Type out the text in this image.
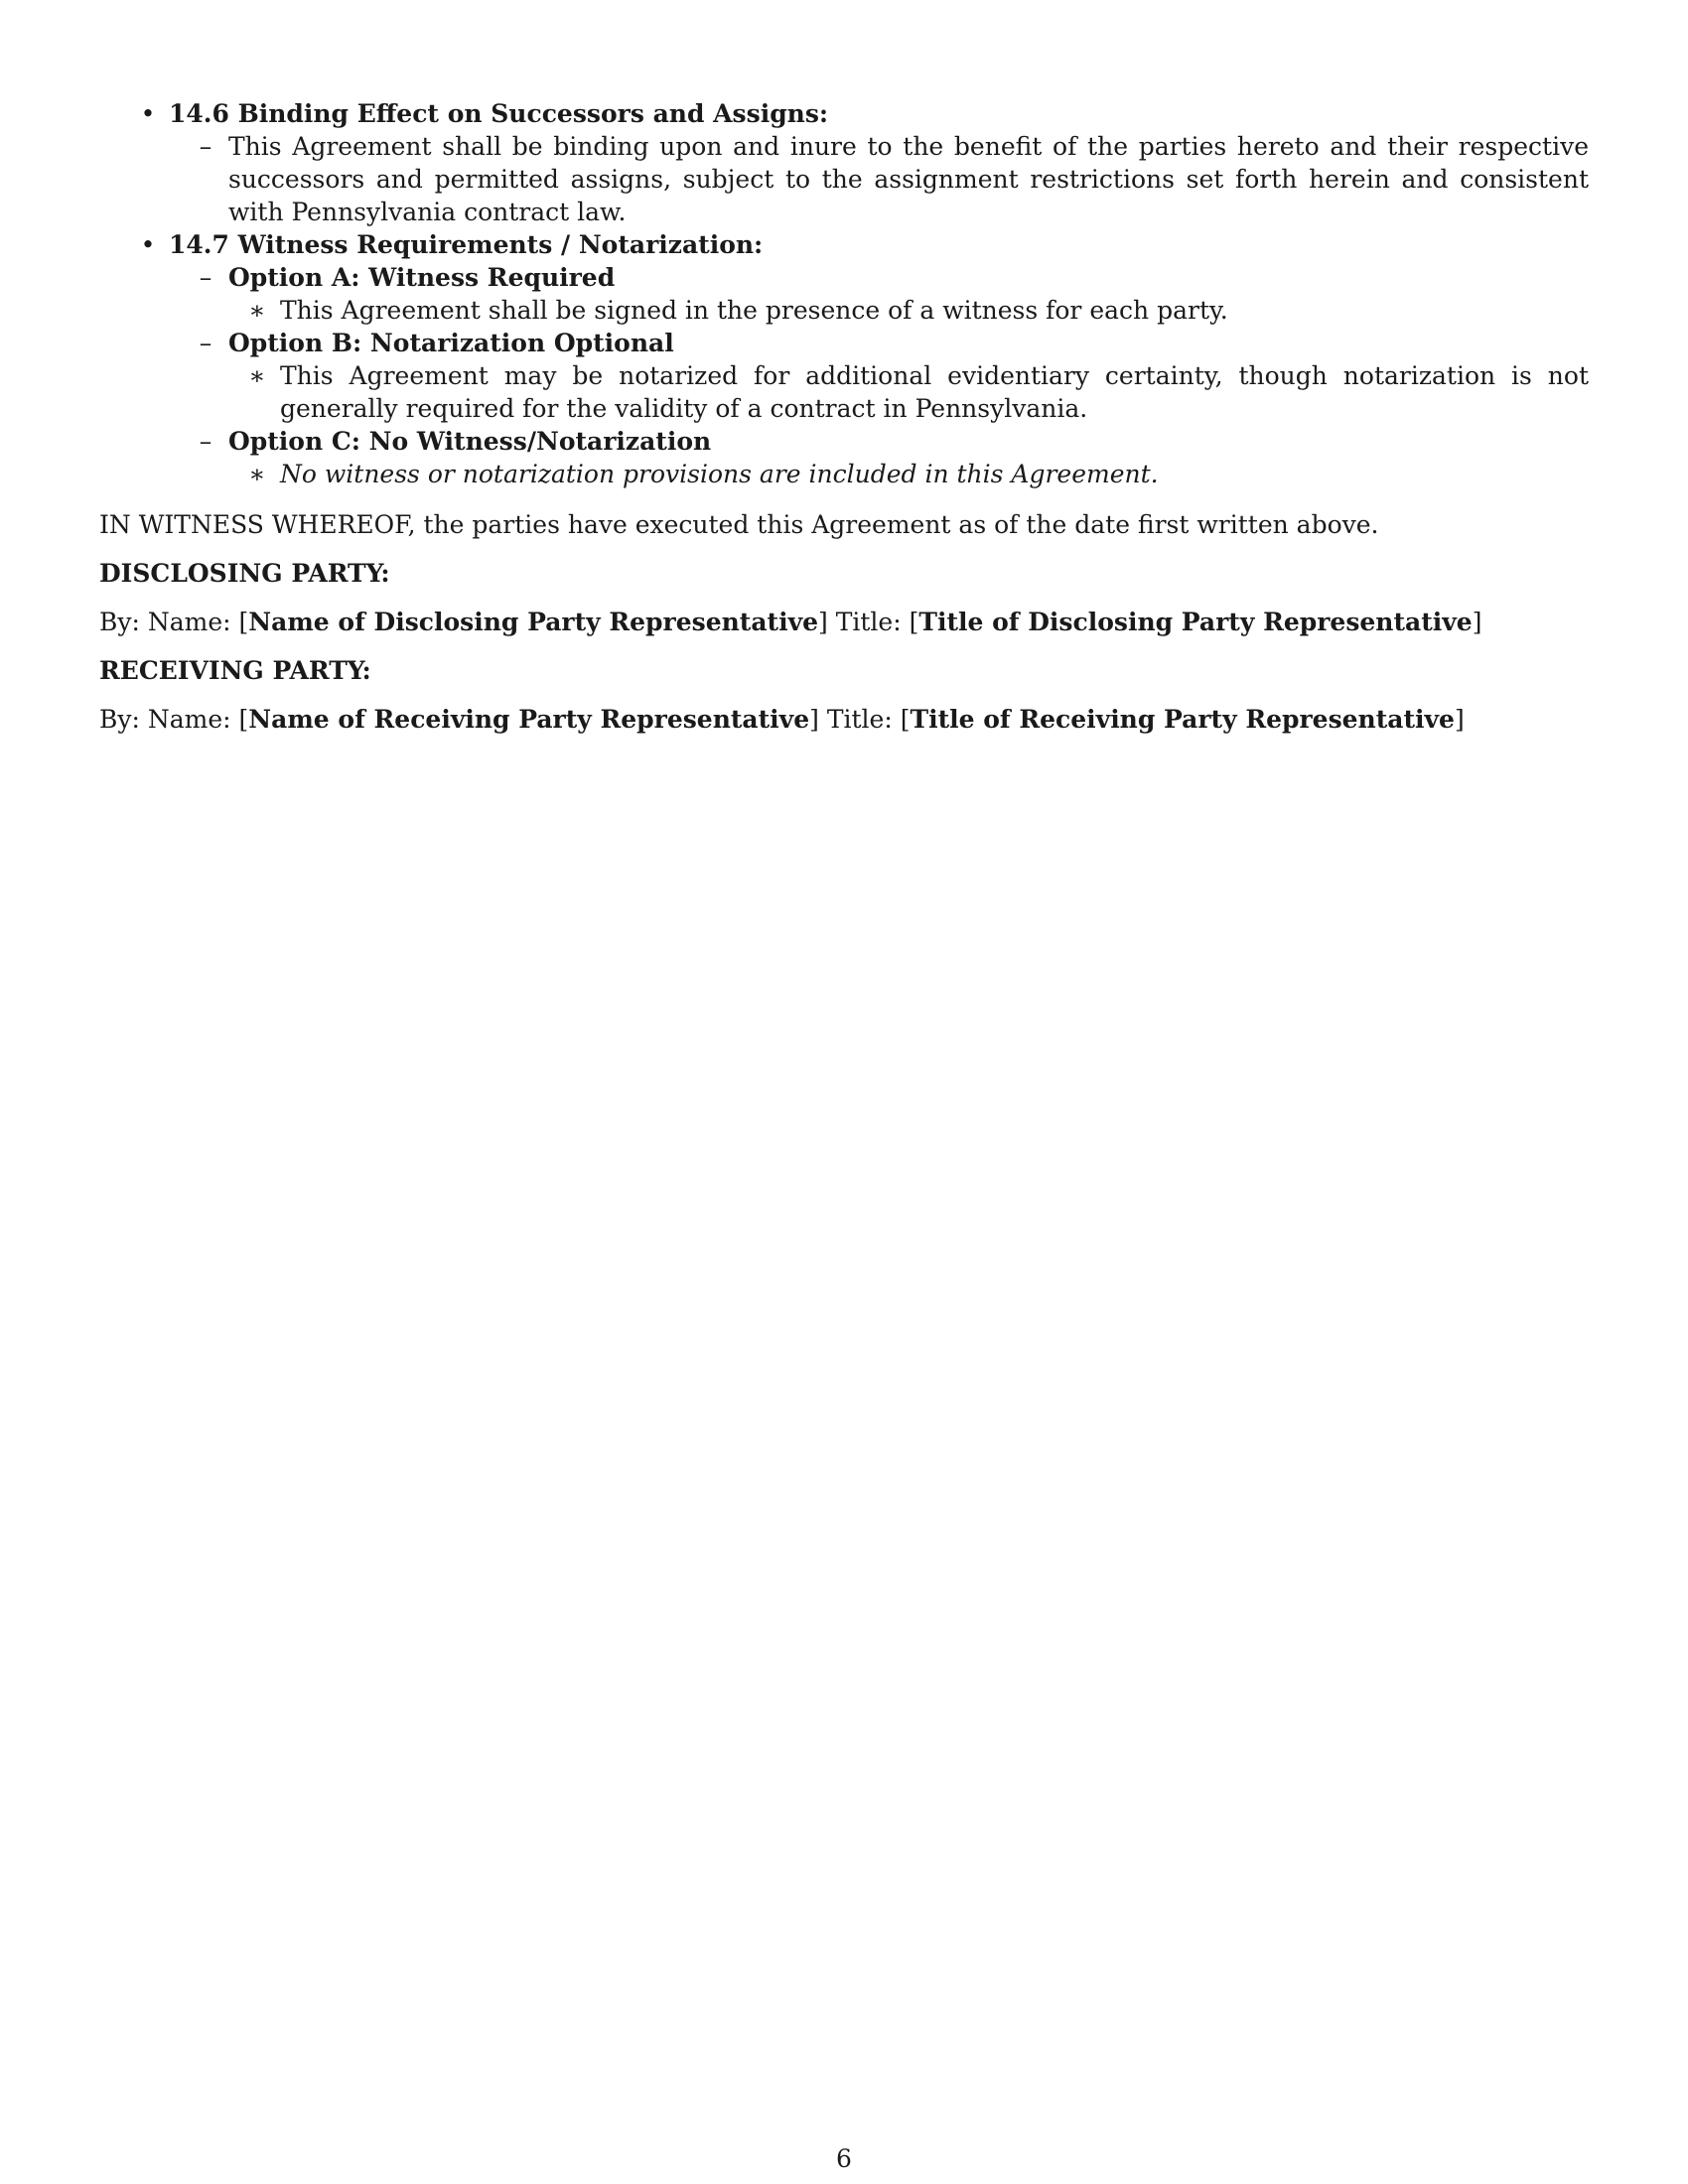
• 14.6 Binding Effect on Successors and Assigns:
– This Agreement shall be binding upon and inure to the benefit of the parties hereto and their respective successors and permitted assigns, subject to the assignment restrictions set forth herein and consistent with Pennsylvania contract law.
• 14.7 Witness Requirements / Notarization:
– Option A: Witness Required
∗ This Agreement shall be signed in the presence of a witness for each party.
– Option B: Notarization Optional
∗ This Agreement may be notarized for additional evidentiary certainty, though notarization is not generally required for the validity of a contract in Pennsylvania.
– Option C: No Witness/Notarization
∗ No witness or notarization provisions are included in this Agreement.

IN WITNESS WHEREOF, the parties have executed this Agreement as of the date first written above.

DISCLOSING PARTY:

By: Name: [Name of Disclosing Party Representative] Title: [Title of Disclosing Party Representative]

RECEIVING PARTY:

By: Name: [Name of Receiving Party Representative] Title: [Title of Receiving Party Representative]

6
